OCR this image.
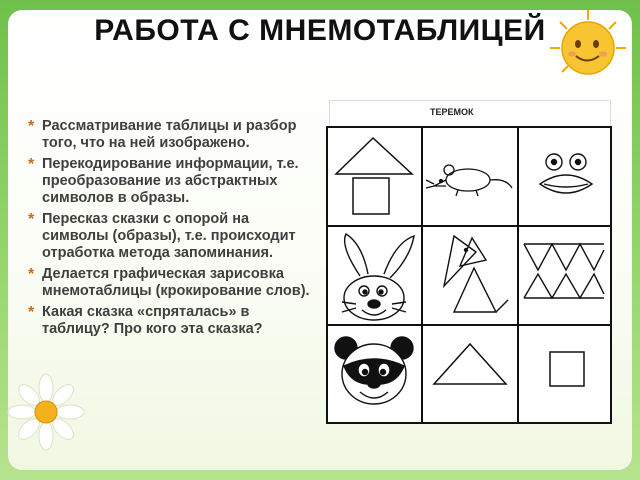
РАБОТА С МНЕМОТАБЛИЦЕЙ
* Рассматривание таблицы и разбор того, что на ней изображено.
* Перекодирование информации, т.е. преобразование из абстрактных символов в образы.
* Пересказ сказки с опорой на символы (образы), т.е. происходит отработка метода запоминания.
* Делается графическая зарисовка мнемотаблицы (крокирование слов).
* Какая сказка «спряталась» в таблицу? Про кого эта сказка?
ТЕРЕМОК
